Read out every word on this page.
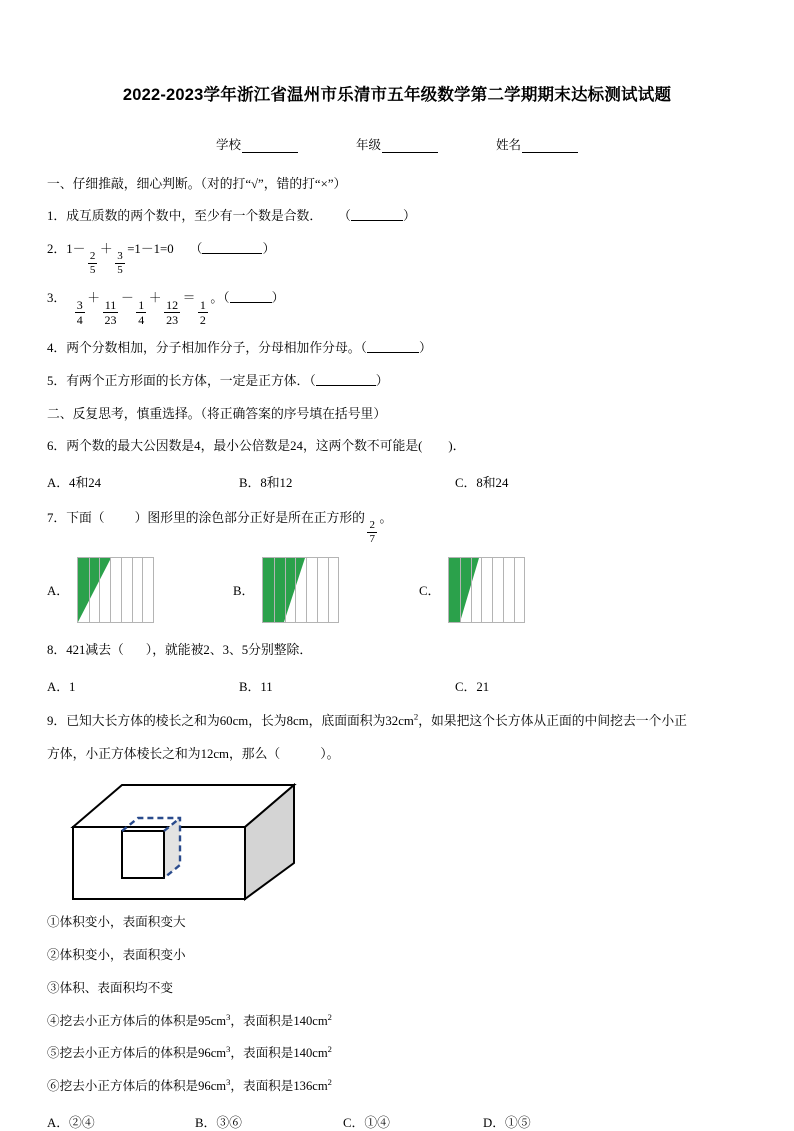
2022-2023学年浙江省温州市乐清市五年级数学第二学期期末达标测试试题
学校	年级	姓名
一、仔细推敲，细心判断。（对的打“√”，错的打“×”）
1．成互质数的两个数中，至少有一个数是合数． （	）
2．1－
$\frac{2}{5}$
＋
$\frac{3}{5}$
=1－1=0 （	）
3．
$\frac{3}{4}$
＋
$\frac{11}{23}$
－
$\frac{1}{4}$
＋
$\frac{12}{23}$
＝
$\frac{1}{2}$
。（	）
4．两个分数相加，分子相加作分子，分母相加作分母。（	）
5．有两个正方形面的长方体，一定是正方体．（	）
二、反复思考，慎重选择。（将正确答案的序号填在括号里）
6．两个数的最大公因数是4，最小公倍数是24，这两个数不可能是( )．
A．4和24	B．8和12	C．8和24
7．下面（ ）图形里的涂色部分正好是所在正方形的
$\frac{2}{7}$
。
A．	B．	C．
8．421减去（ ），就能被2、3、5分别整除．
A．1	B．11	C．21
9．已知大长方体的棱长之和为60cm，长为8cm，底面面积为$32cm^2$，如果把这个长方体从正面的中间挖去一个小正
方体，小正方体棱长之和为12cm，那么（	）。
①体积变小，表面积变大
②体积变小，表面积变小
③体积、表面积均不变
④挖去小正方体后的体积是$95cm^3$，表面积是$140cm^2$
⑤挖去小正方体后的体积是$96cm^3$，表面积是$140cm^2$
⑥挖去小正方体后的体积是$96cm^3$，表面积是$136cm^2$
A．②④	B．③⑥	C．①④	D．①⑤
